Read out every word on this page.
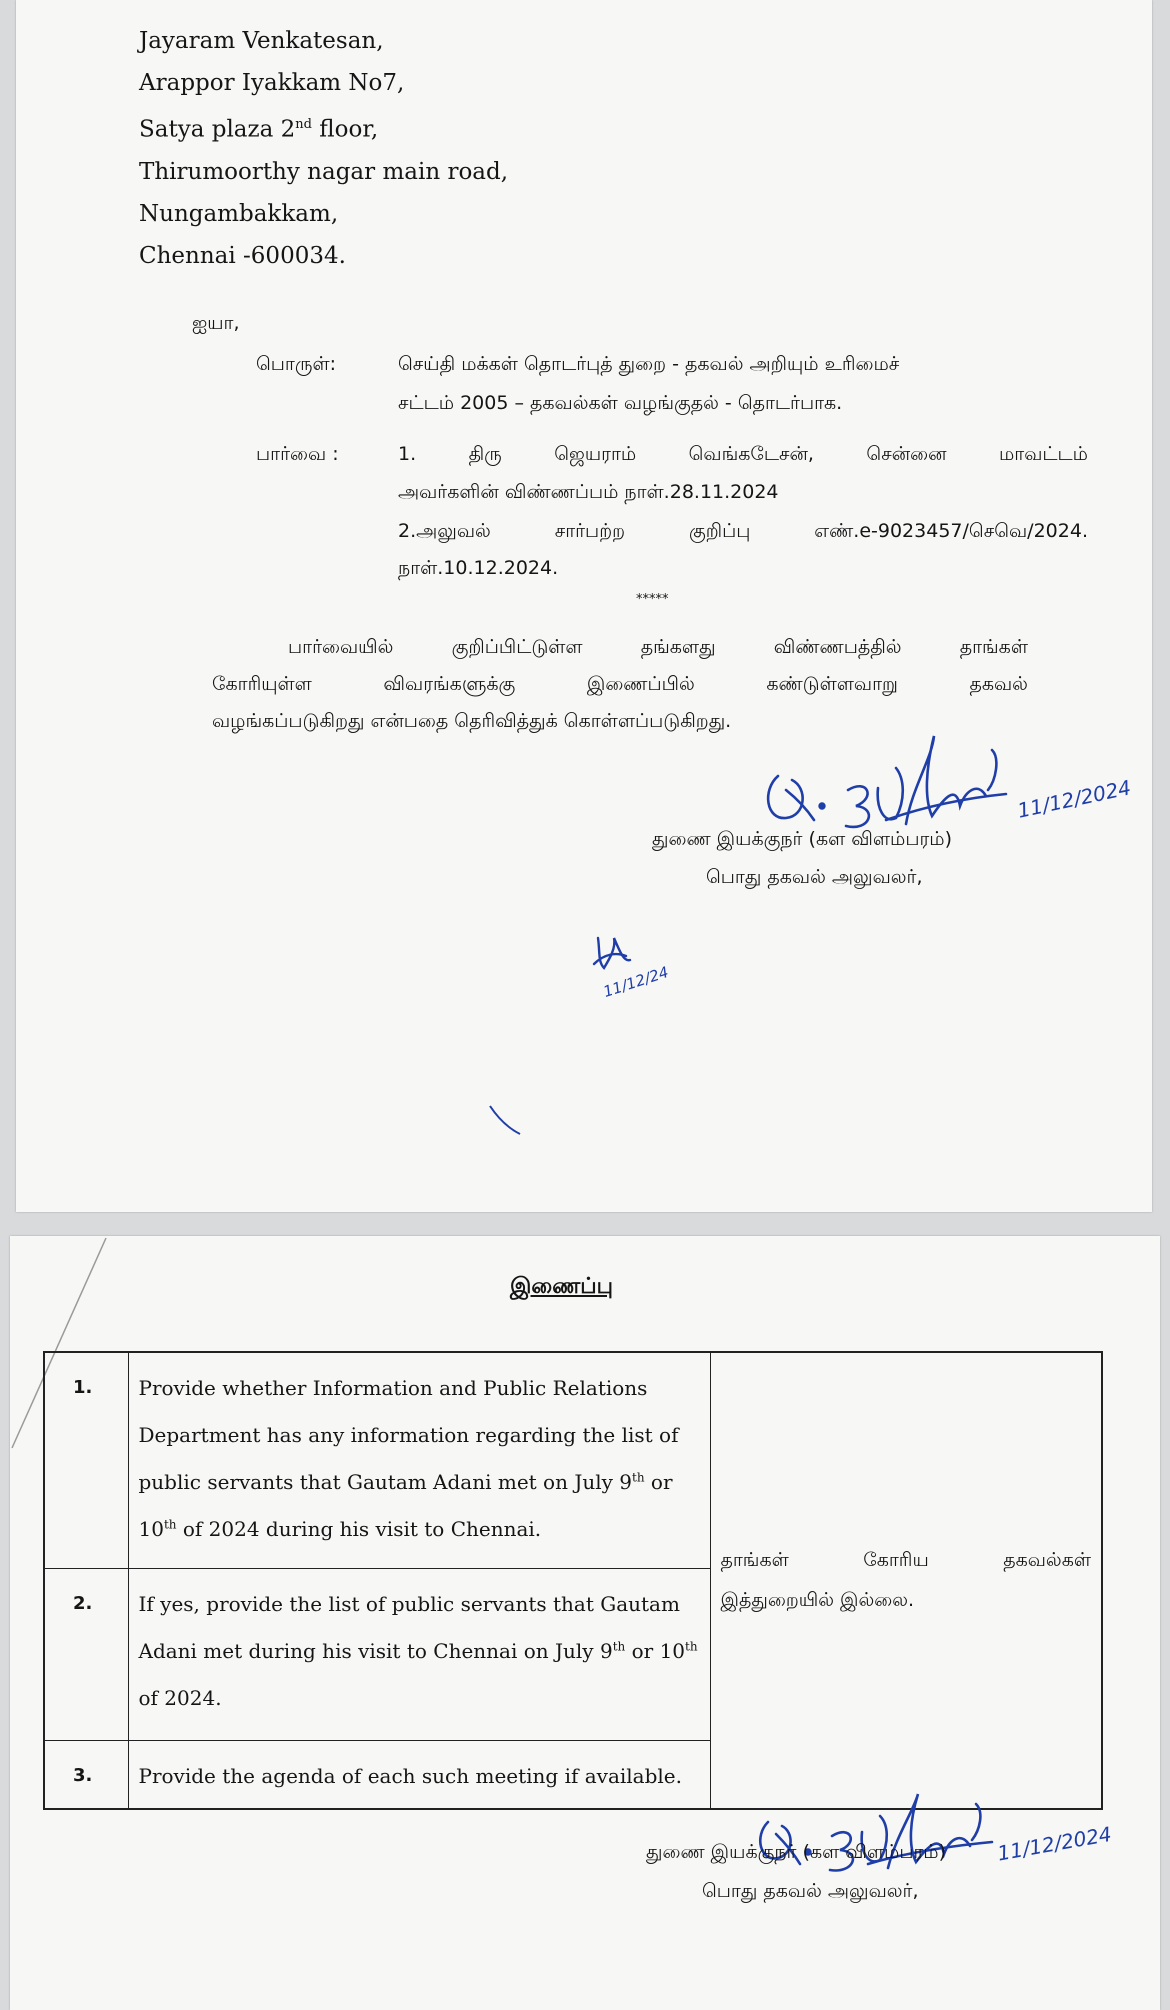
Jayaram Venkatesan,
Arappor Iyakkam No7,
Satya plaza 2nd floor,
Thirumoorthy nagar main road,
Nungambakkam,
Chennai -600034.
ஐயா,
பொருள்:	செய்தி மக்கள் தொடர்புத் துறை - தகவல் அறியும் உரிமைச்
சட்டம் 2005 – தகவல்கள் வழங்குதல் - தொடர்பாக.
பார்வை :	1.	திரு	ஜெயராம்	வெங்கடேசன்,	சென்னை	மாவட்டம்
அவர்களின் விண்ணப்பம் நாள்.28.11.2024
2.அலுவல்	சார்பற்ற	குறிப்பு	எண்.e-9023457/செவெ/2024.
நாள்.10.12.2024.
*****
பார்வையில்	குறிப்பிட்டுள்ள	தங்களது	விண்ணபத்தில்	தாங்கள்
கோரியுள்ள	விவரங்களுக்கு	இணைப்பில்	கண்டுள்ளவாறு	தகவல்
வழங்கப்படுகிறது என்பதை தெரிவித்துக் கொள்ளப்படுகிறது.
11/12/2024
துணை இயக்குநர் (கள விளம்பரம்)
பொது தகவல் அலுவலர்,
11/12/24
இணைப்பு
1.	Provide whether Information and Public Relations Department has any information regarding the list of public servants that Gautam Adani met on July 9th or 10th of 2024 during his visit to Chennai.	தாங்கள் கோரிய தகவல்கள்
இத்துறையில் இல்லை.

2.	If yes, provide the list of public servants that Gautam Adani met during his visit to Chennai on July 9th or 10th of 2024.	
3.	Provide the agenda of each such meeting if available.	
11/12/2024
துணை இயக்குநர் (கள விளம்பரம்)
பொது தகவல் அலுவலர்,
